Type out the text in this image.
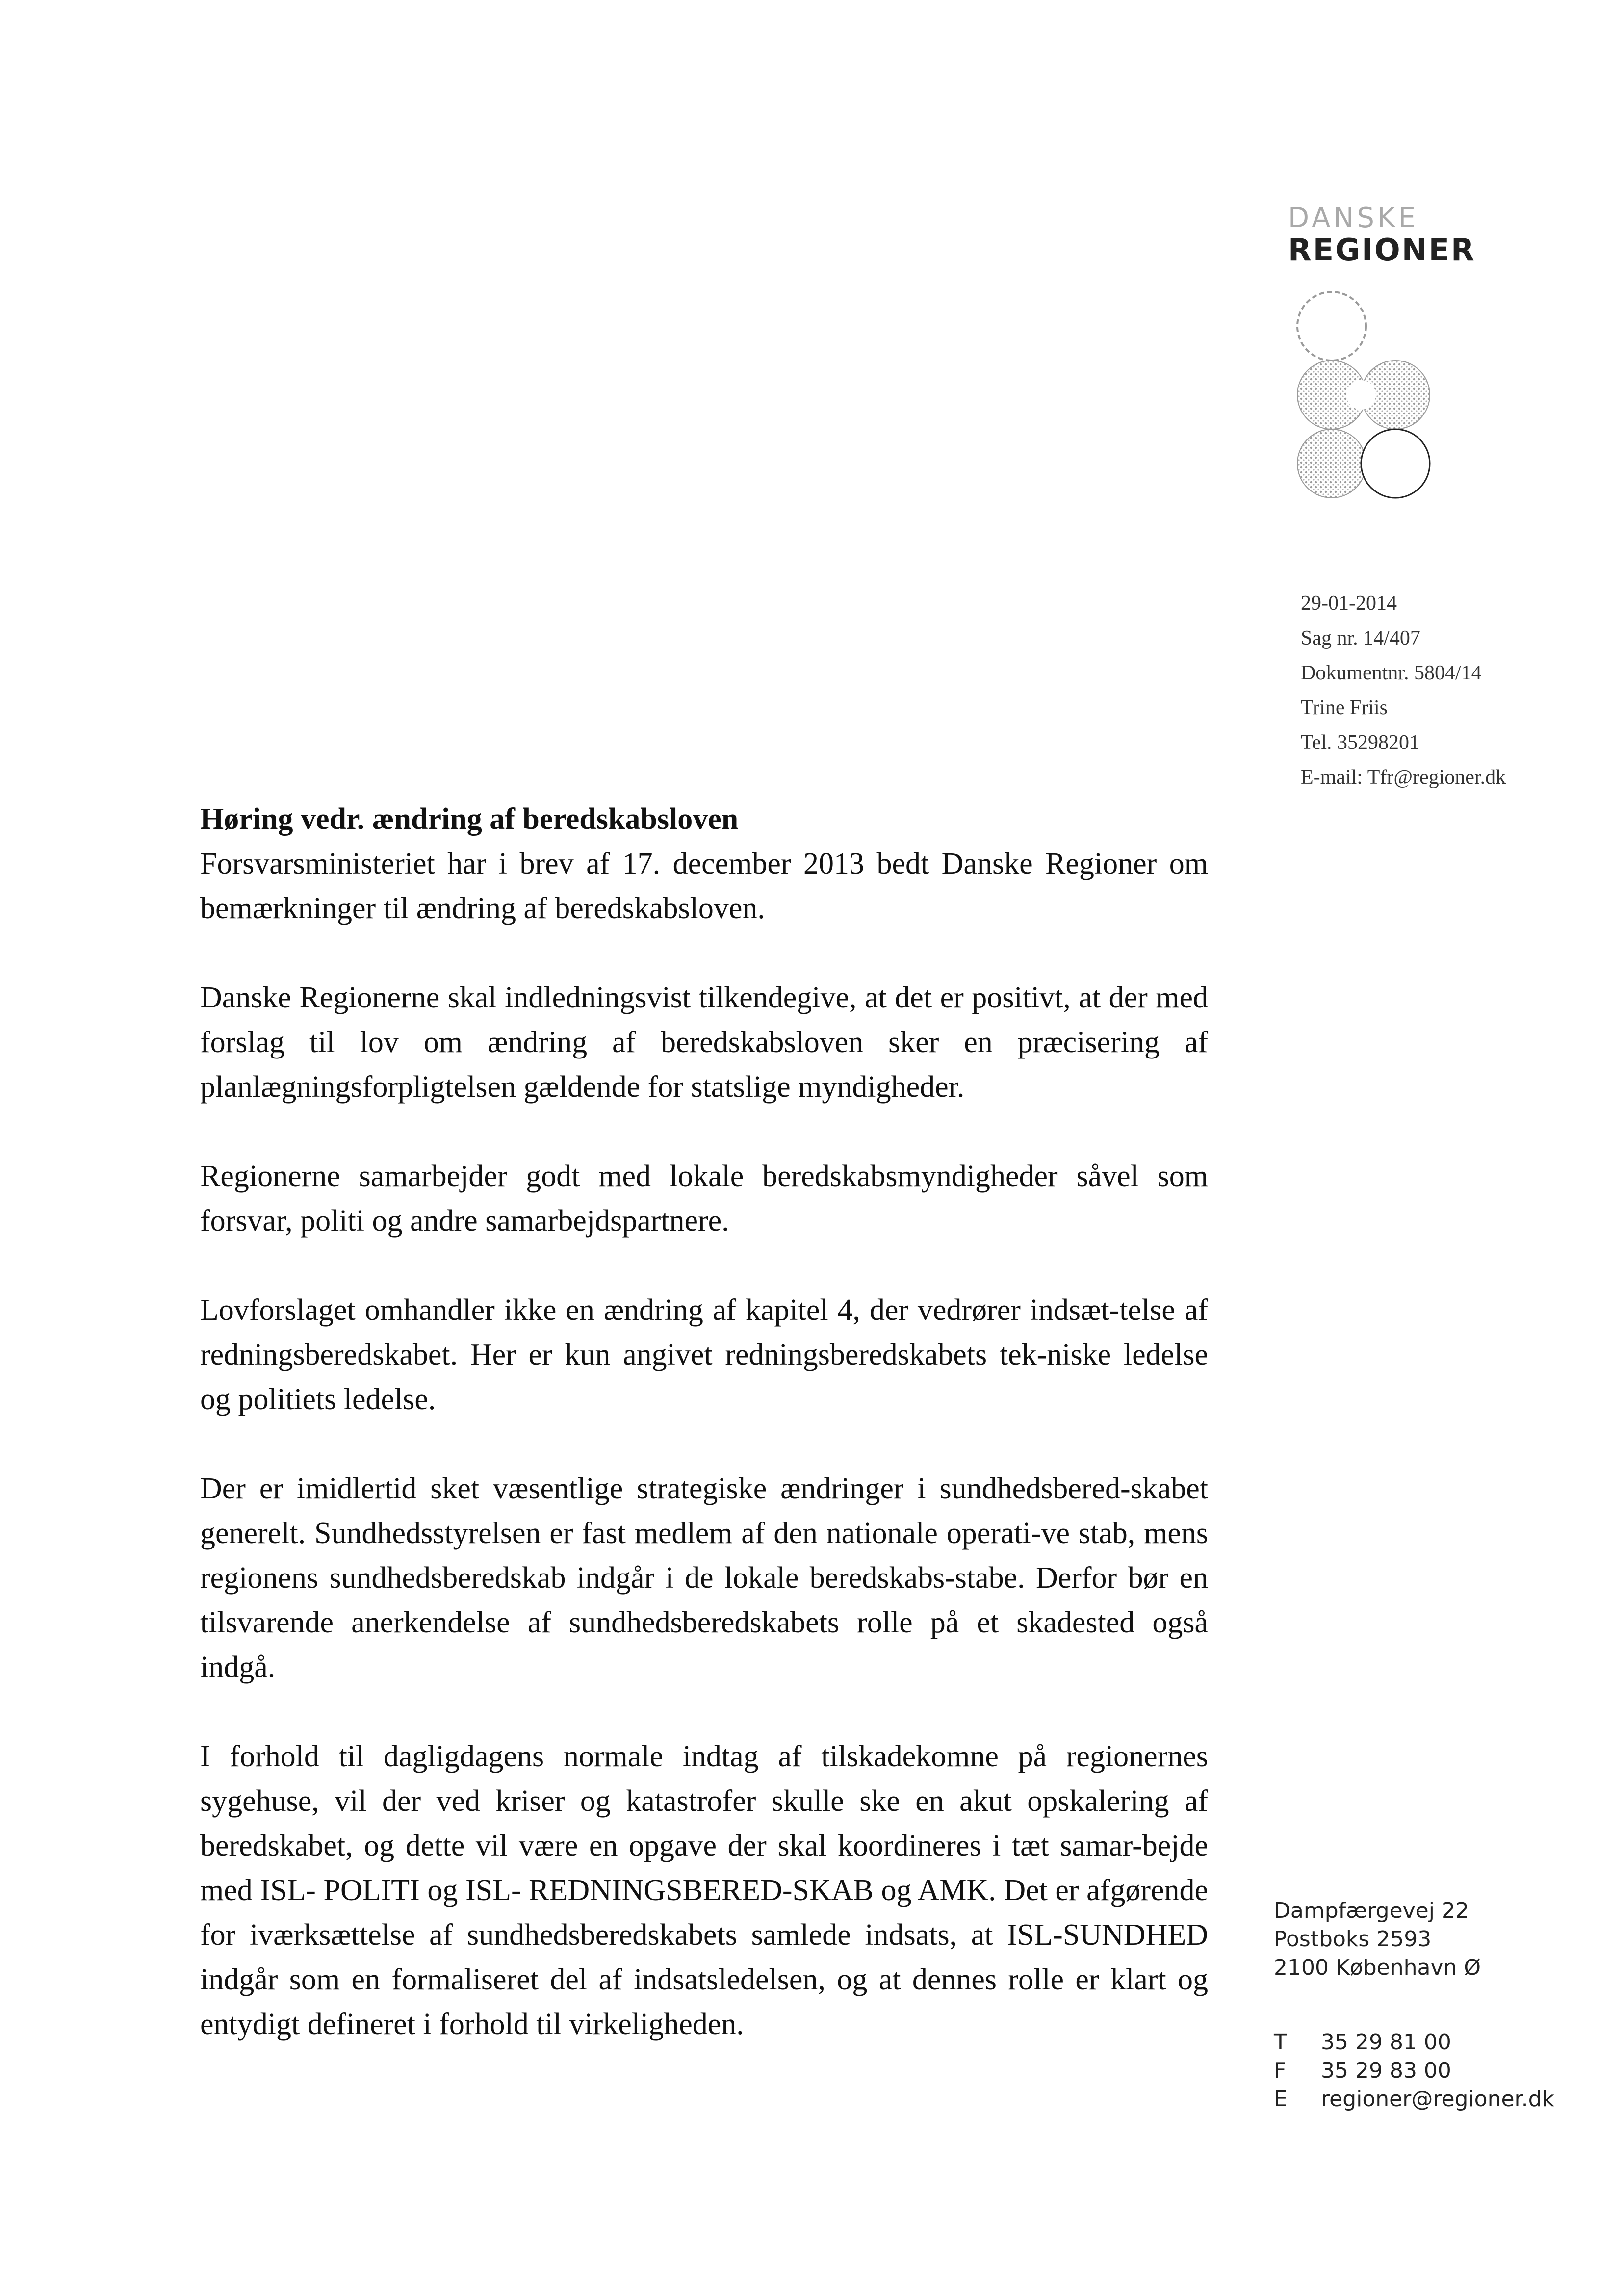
DANSKE
REGIONER
29-01-2014
Sag nr. 14/407
Dokumentnr. 5804/14
Trine Friis
Tel. 35298201
E-mail: Tfr@regioner.dk
Høring vedr. ændring af beredskabsloven

Forsvarsministeriet har i brev af 17. december 2013 bedt Danske Regioner om bemærkninger til ændring af beredskabsloven.

Danske Regionerne skal indledningsvist tilkendegive, at det er positivt, at der med forslag til lov om ændring af beredskabsloven sker en præcisering af planlægningsforpligtelsen gældende for statslige myndigheder.

Regionerne samarbejder godt med lokale beredskabsmyndigheder såvel som forsvar, politi og andre samarbejdspartnere.

Lovforslaget omhandler ikke en ændring af kapitel 4, der vedrører indsæt-telse af redningsberedskabet. Her er kun angivet redningsberedskabets tek-niske ledelse og politiets ledelse.

Der er imidlertid sket væsentlige strategiske ændringer i sundhedsbered-skabet generelt. Sundhedsstyrelsen er fast medlem af den nationale operati-ve stab, mens regionens sundhedsberedskab indgår i de lokale beredskabs-stabe. Derfor bør en tilsvarende anerkendelse af sundhedsberedskabets rolle på et skadested også indgå.

I forhold til dagligdagens normale indtag af tilskadekomne på regionernes sygehuse, vil der ved kriser og katastrofer skulle ske en akut opskalering af beredskabet, og dette vil være en opgave der skal koordineres i tæt samar-bejde med ISL- POLITI og ISL- REDNINGSBERED-SKAB og AMK. Det er afgørende for iværksættelse af sundhedsberedskabets samlede indsats, at ISL-SUNDHED indgår som en formaliseret del af indsatsledelsen, og at dennes rolle er klart og entydigt defineret i forhold til virkeligheden.

Dampfærgevej 22
Postboks 2593
2100 København Ø
T	35 29 81 00
F	35 29 83 00
E	regioner@regioner.dk
